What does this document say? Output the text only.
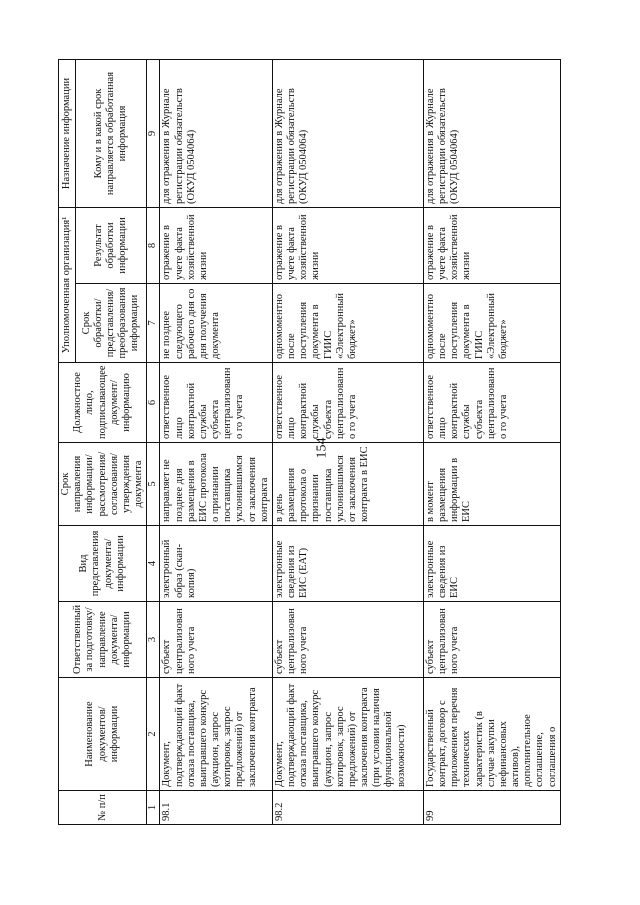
154
№ п/п	Наименование документов/ информации	Ответственный за подготовку/ направление документа/ информации	Вид представления документа/ информации	Срок направления информации/ рассмотрения/ согласования/ утверждения документа	Должностное лицо, подписывающее документ/ информацию	Уполномоченная организация¹		Назначение информации
						Срок обработки/ представления/ преобразования информации	Результат обработки информации	Кому и в какой срок направляется обработанная информация
1	2	3	4	5	6	7	8	9
98.1	Документ, подтверждающий факт отказа поставщика, выигравшего конкурс (аукцион, запрос котировок, запрос предложений) от заключения контракта	субъект централизован ного учета	электронный образ (скан-копия)	направляет не позднее дня размещения в ЕИС протокола о признании поставщика уклонившимся от заключения контракта	ответственное лицо контрактной службы субъекта централизованно го учета	не позднее следующего рабочего дня со дня получения документа	отражение в учете факта хозяйственной жизни	для отражения в Журнале регистрации обязательств (ОКУД 0504064)
98.2	Документ, подтверждающий факт отказа поставщика, выигравшего конкурс (аукцион, запрос котировок, запрос предложений) от заключения контракта (при условии наличия функциональной возможности)	субъект централизован ного учета	электронные сведения из ЕИС (ЕАТ)	в день размещения протокола о признании поставщика уклонившимся от заключения контракта в ЕИС	ответственное лицо контрактной службы субъекта централизованно го учета	одномоментно после поступления документа в ГИИС «Электронный бюджет»	отражение в учете факта хозяйственной жизни	для отражения в Журнале регистрации обязательств (ОКУД 0504064)
99	Государственный контракт, договор с приложением перечня технических характеристик (в случае закупки нефинансовых активов), дополнительное соглашение, соглашения о	субъект централизован ного учета	электронные сведения из ЕИС	в момент размещения информации в ЕИС	ответственное лицо контрактной службы субъекта централизованно го учета	одномоментно после поступления документа в ГИИС «Электронный бюджет»	отражение в учете факта хозяйственной жизни	для отражения в Журнале регистрации обязательств (ОКУД 0504064)
